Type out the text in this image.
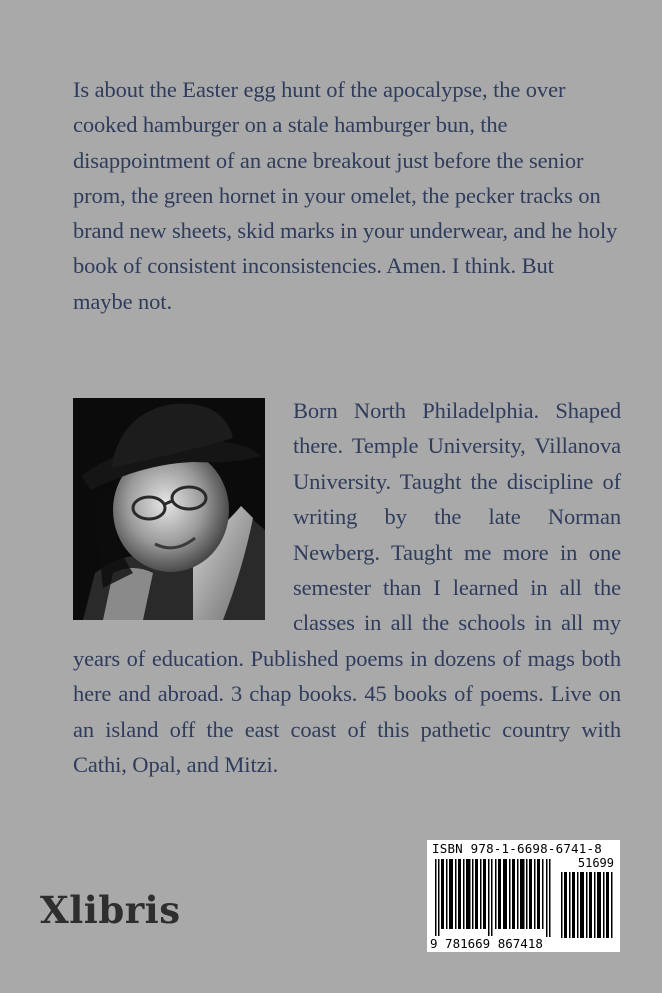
Is about the Easter egg hunt of the apocalypse, the over cooked hamburger on a stale hamburger bun, the disappointment of an acne breakout just before the senior prom, the green hornet in your omelet, the pecker tracks on brand new sheets, skid marks in your underwear, and he holy book of consistent inconsistencies. Amen. I think. But maybe not.

Born North Philadelphia. Shaped there. Temple University, Villanova University. Taught the discipline of writing by the late Norman Newberg. Taught me more in one semester than I learned in all the classes in all the schools in all my years of education. Published poems in dozens of mags both here and abroad. 3 chap books. 45 books of poems. Live on an island off the east coast of this pathetic country with Cathi, Opal, and Mitzi.
Xlibris
ISBN 978-1-6698-6741-8
51699
9 781669 867418
